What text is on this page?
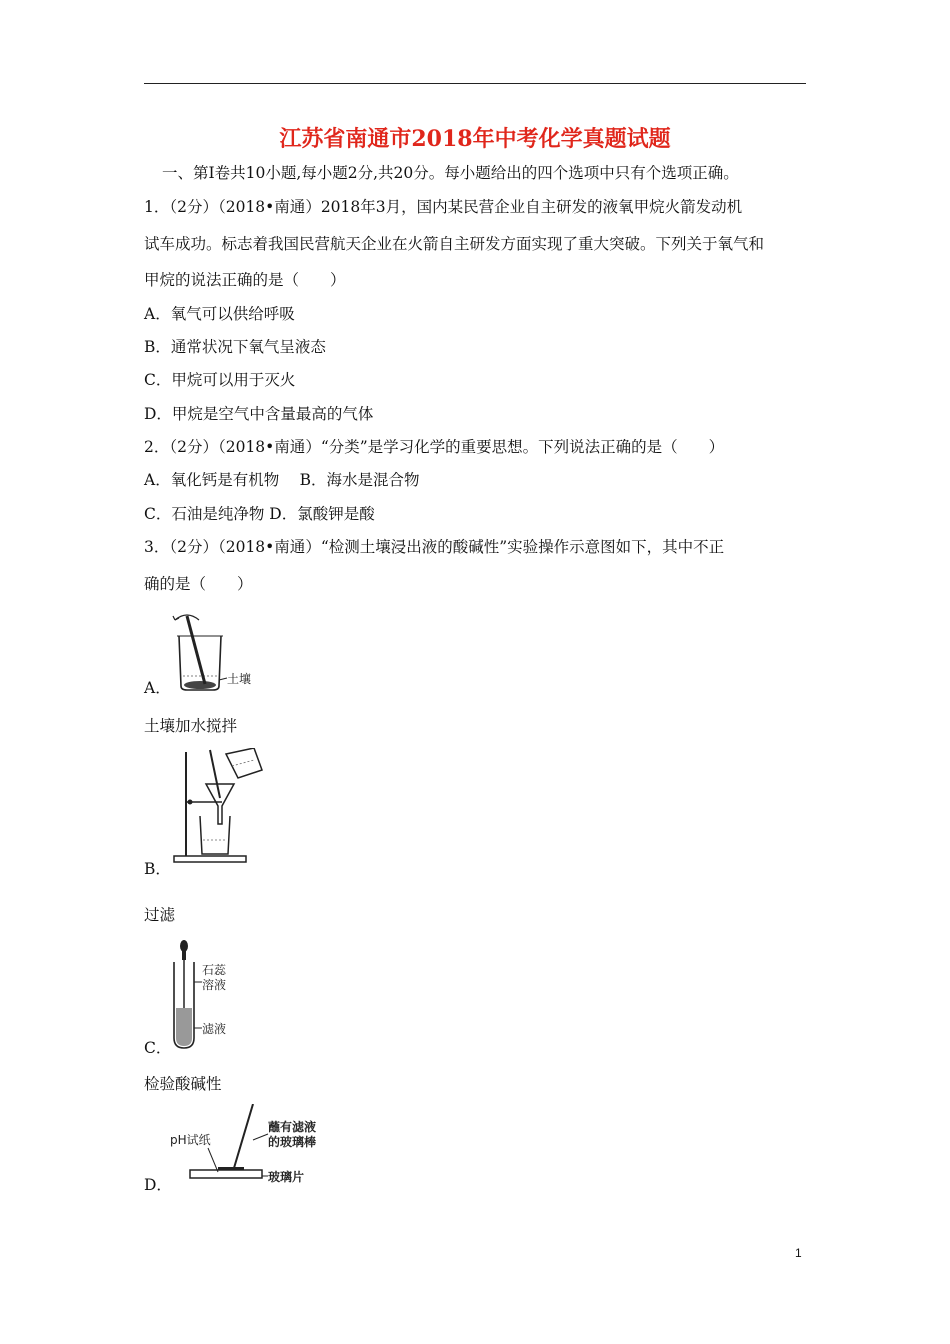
江苏省南通市2018年中考化学真题试题
一、第Ⅰ卷共10小题,每小题2分,共20分。每小题给出的四个选项中只有个选项正确。
1．（2分）（2018•南通）2018年3月，国内某民营企业自主研发的液氧甲烷火箭发动机
试车成功。标志着我国民营航天企业在火箭自主研发方面实现了重大突破。下列关于氧气和
甲烷的说法正确的是（　　）
A．氧气可以供给呼吸
B．通常状况下氧气呈液态
C．甲烷可以用于灭火
D．甲烷是空气中含量最高的气体
2．（2分）（2018•南通）“分类”是学习化学的重要思想。下列说法正确的是（　　）
A．氧化钙是有机物　 B．海水是混合物
C．石油是纯净物 D．氯酸钾是酸
3．（2分）（2018•南通）“检测土壤浸出液的酸碱性”实验操作示意图如下，其中不正
确的是（　　）
土壤
A．
土壤加水搅拌
B．
过滤
石蕊
溶液
滤液
C．
检验酸碱性
pH试纸
蘸有滤液
的玻璃棒
玻璃片
D．
1
